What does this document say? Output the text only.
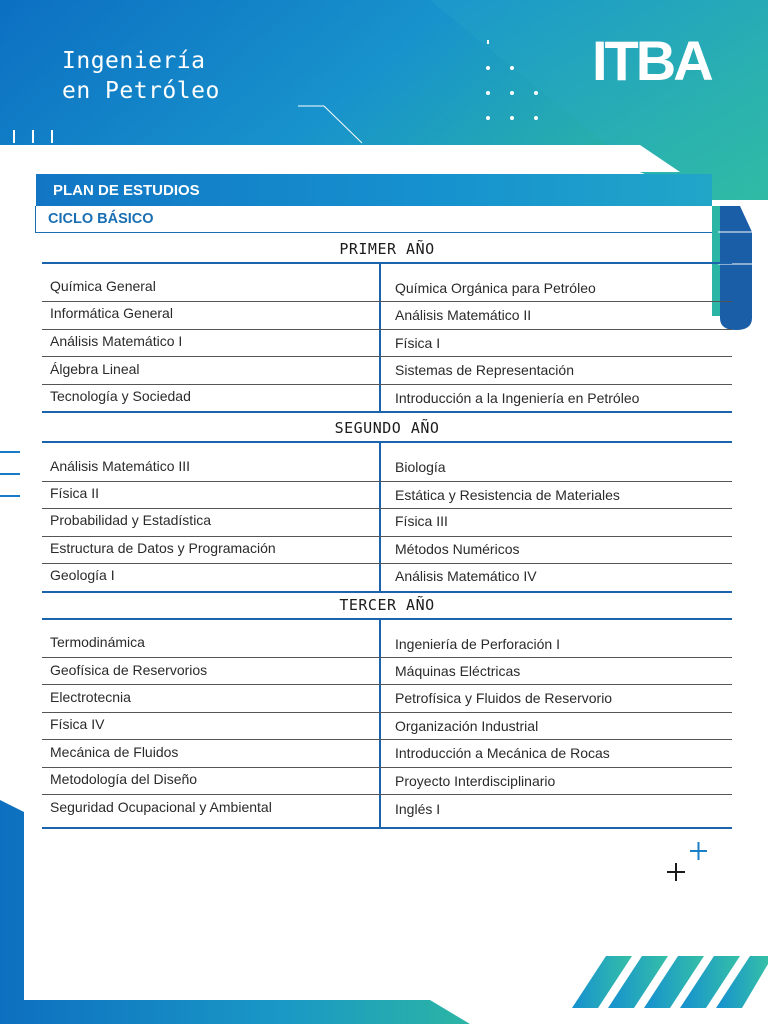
Ingeniería
en Petróleo	ITBA
PLAN DE ESTUDIOS
CICLO BÁSICO
PRIMER AÑO
Química General
Informática General
Análisis Matemático I
Álgebra Lineal
Tecnología y Sociedad
Química Orgánica para Petróleo
Análisis Matemático II
Física I
Sistemas de Representación
Introducción a la Ingeniería en Petróleo
SEGUNDO AÑO
Análisis Matemático III
Física II
Probabilidad y Estadística
Estructura de Datos y Programación
Geología I
Biología
Estática y Resistencia de Materiales
Física III
Métodos Numéricos
Análisis Matemático IV
TERCER AÑO
Termodinámica
Geofísica de Reservorios
Electrotecnia
Física IV
Mecánica de Fluidos
Metodología del Diseño
Seguridad Ocupacional y Ambiental
Ingeniería de Perforación I
Máquinas Eléctricas
Petrofísica y Fluidos de Reservorio
Organización Industrial
Introducción a Mecánica de Rocas
Proyecto Interdisciplinario
Inglés I
